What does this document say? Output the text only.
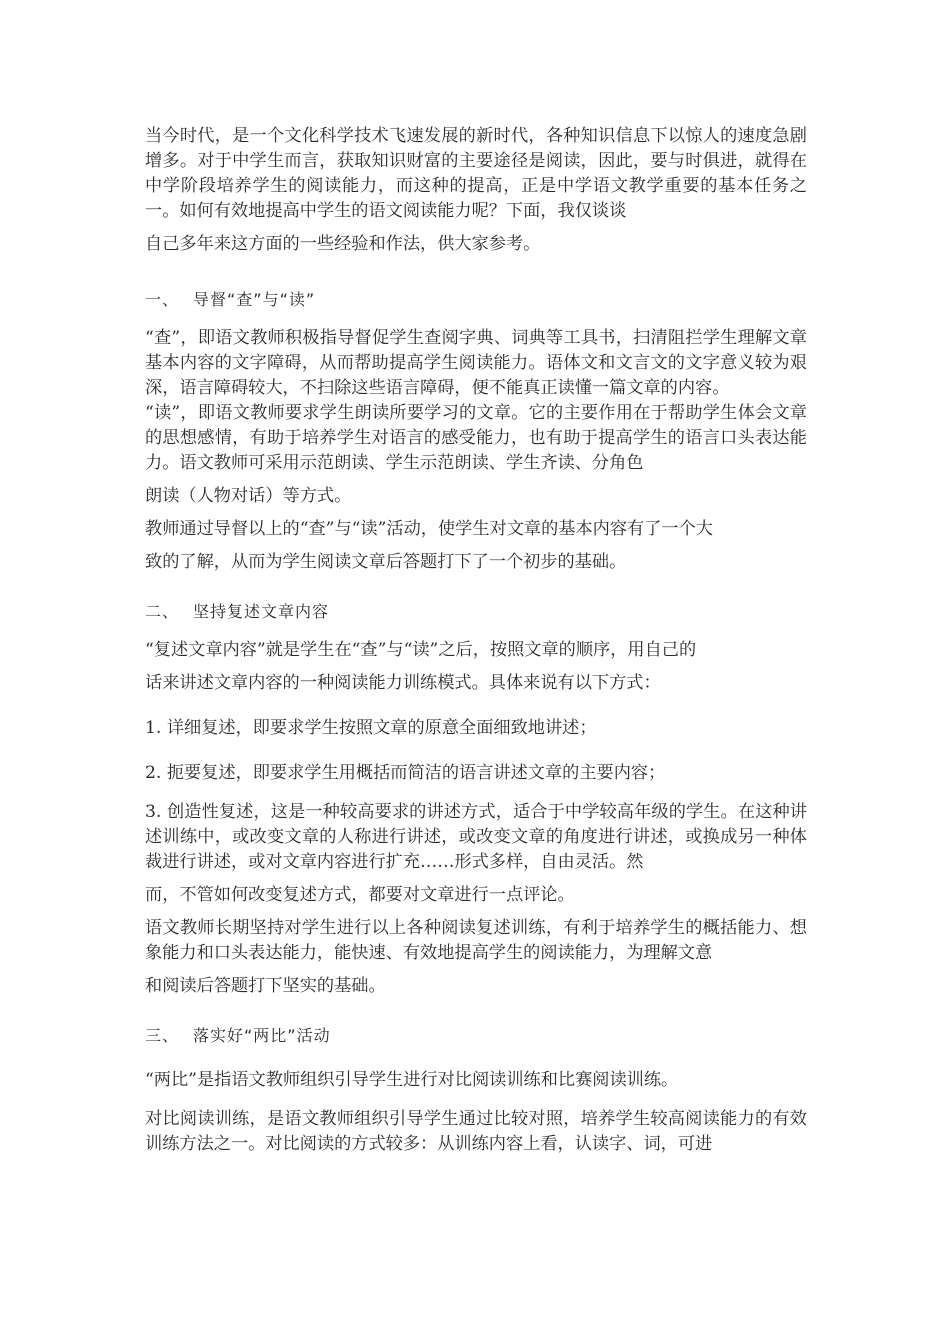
当今时代，是一个文化科学技术飞速发展的新时代，各种知识信息下以惊人的速度急剧增多。对于中学生而言，获取知识财富的主要途径是阅读，因此，要与时俱进，就得在中学阶段培养学生的阅读能力，而这种的提高，正是中学语文教学重要的基本任务之一。如何有效地提高中学生的语文阅读能力呢？下面，我仅谈谈

自己多年来这方面的一些经验和作法，供大家参考。

一、 导督“查”与“读”

“查”，即语文教师积极指导督促学生查阅字典、词典等工具书，扫清阻拦学生理解文章基本内容的文字障碍，从而帮助提高学生阅读能力。语体文和文言文的文字意义较为艰深，语言障碍较大，不扫除这些语言障碍，便不能真正读懂一篇文章的内容。

“读”，即语文教师要求学生朗读所要学习的文章。它的主要作用在于帮助学生体会文章的思想感情，有助于培养学生对语言的感受能力，也有助于提高学生的语言口头表达能力。语文教师可采用示范朗读、学生示范朗读、学生齐读、分角色

朗读（人物对话）等方式。

教师通过导督以上的“查”与“读”活动，使学生对文章的基本内容有了一个大

致的了解，从而为学生阅读文章后答题打下了一个初步的基础。

二、 坚持复述文章内容

“复述文章内容”就是学生在“查”与“读”之后，按照文章的顺序，用自己的

话来讲述文章内容的一种阅读能力训练模式。具体来说有以下方式：

1. 详细复述，即要求学生按照文章的原意全面细致地讲述；

2. 扼要复述，即要求学生用概括而简洁的语言讲述文章的主要内容；

3. 创造性复述，这是一种较高要求的讲述方式，适合于中学较高年级的学生。在这种讲述训练中，或改变文章的人称进行讲述，或改变文章的角度进行讲述，或换成另一种体裁进行讲述，或对文章内容进行扩充……形式多样，自由灵活。然

而，不管如何改变复述方式，都要对文章进行一点评论。

语文教师长期坚持对学生进行以上各种阅读复述训练，有利于培养学生的概括能力、想象能力和口头表达能力，能快速、有效地提高学生的阅读能力，为理解文意

和阅读后答题打下坚实的基础。

三、 落实好“两比”活动

“两比”是指语文教师组织引导学生进行对比阅读训练和比赛阅读训练。

对比阅读训练，是语文教师组织引导学生通过比较对照，培养学生较高阅读能力的有效训练方法之一。对比阅读的方式较多：从训练内容上看，认读字、词，可进
